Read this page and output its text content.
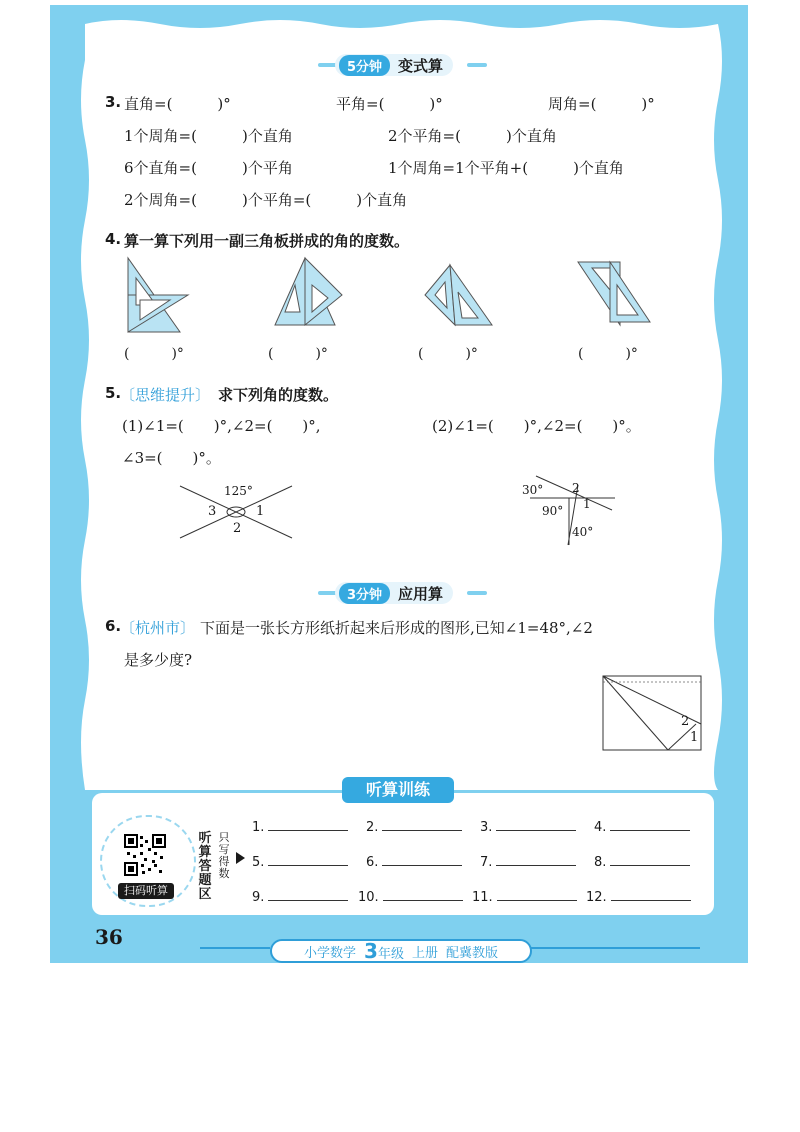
5分钟	变式算
3. 直角=(　　　)°	平角=(　　　)°	周角=(　　　)°
1个周角=(　　　)个直角	2个平角=(　　　)个直角
6个直角=(　　　)个平角	1个周角=1个平角+(　　　)个直角
2个周角=(　　　)个平角=(　　　)个直角
4. 算一算下列用一副三角板拼成的角的度数。
(　　　)°	(　　　)°	(　　　)°	(　　　)°
5.
〔思维提升〕 求下列角的度数。
(1)∠1=(　　)°,∠2=(　　)°,	(2)∠1=(　　)°,∠2=(　　)°。
∠3=(　　)°。
125°
3	1
2
30° 2
1
90°
40°
3分钟	应用算
6.
〔杭州市〕 下面是一张长方形纸折起来后形成的图形,已知∠1=48°,∠2
是多少度?
2
1
听算训练
扫码听算
听算答题区
只写得数
1.	2.	3.	4.
5.	6.	7.	8.
9.	10.	11.	12.
36
小学数学 3年级 上册 配冀教版
